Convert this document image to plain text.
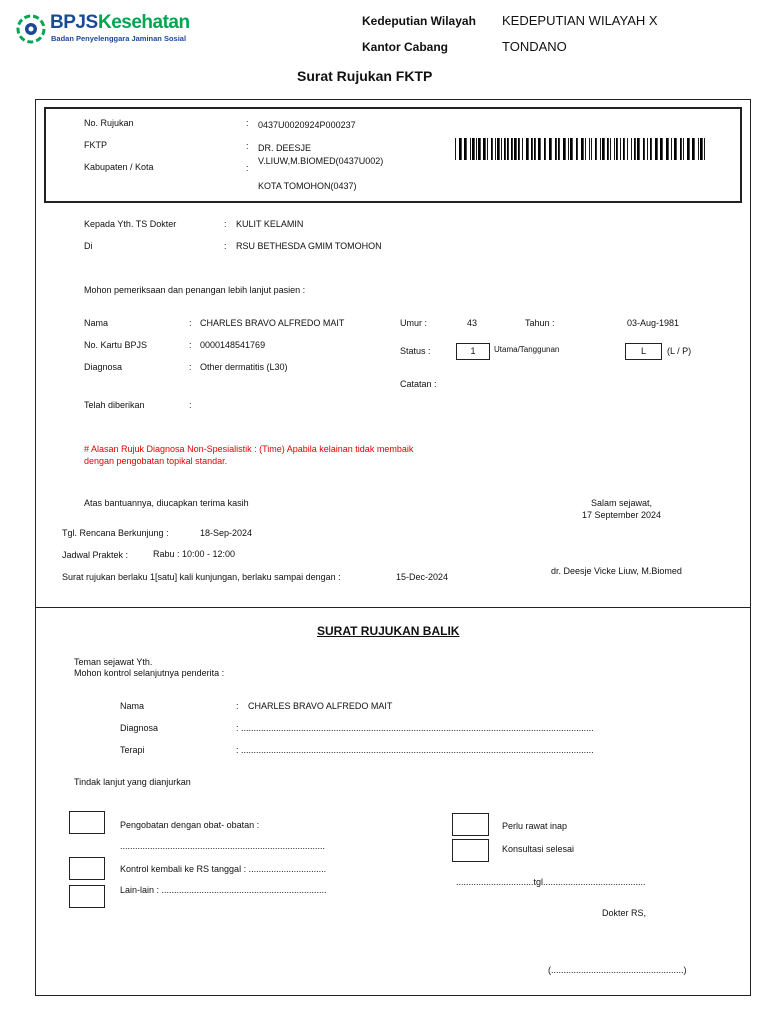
BPJS Kesehatan
Badan Penyelenggara Jaminan Sosial
Kedeputian Wilayah KEDEPUTIAN WILAYAH X
Kantor Cabang	TONDANO
Surat Rujukan FKTP
No. Rujukan	: 0437U0020924P000237
FKTP	: DR. DEESJE
V.LIUW,M.BIOMED(0437U002)
Kabupaten / Kota	:
KOTA TOMOHON(0437)
Kepada Yth. TS Dokter	: KULIT KELAMIN
Di	: RSU BETHESDA GMIM TOMOHON
Mohon pemeriksaan dan penangan lebih lanjut pasien :
Nama	: CHARLES BRAVO ALFREDO MAIT
No. Kartu BPJS	: 0000148541769
Diagnosa	: Other dermatitis (L30)
Telah diberikan	:
Umur :	43	Tahun :	03-Aug-1981
Status :	1	Utama/Tanggunan	L	(L / P)
Catatan :
# Alasan Rujuk Diagnosa Non-Spesialistik : (Time) Apabila kelainan tidak membaik
dengan pengobatan topikal standar.
Atas bantuannya, diucapkan terima kasih	Salam sejawat,
17 September 2024
Tgl. Rencana Berkunjung :	18-Sep-2024
Jadwal Praktek :	Rabu : 10:00 - 12:00
Surat rujukan berlaku 1[satu] kali kunjungan, berlaku sampai dengan :	15-Dec-2024
dr. Deesje Vicke Liuw, M.Biomed
SURAT RUJUKAN BALIK
Teman sejawat Yth.
Mohon kontrol selanjutnya penderita :
Nama	: CHARLES BRAVO ALFREDO MAIT
Diagnosa	: .............................................................................................................................................
Terapi	: .............................................................................................................................................
Tindak lanjut yang dianjurkan
Pengobatan dengan obat- obatan :
..................................................................................
Kontrol kembali ke RS tanggal : ...............................
Lain-lain : ..................................................................
Perlu rawat inap
Konsultasi selesai
...............................tgl.........................................
Dokter RS,
(.....................................................)
